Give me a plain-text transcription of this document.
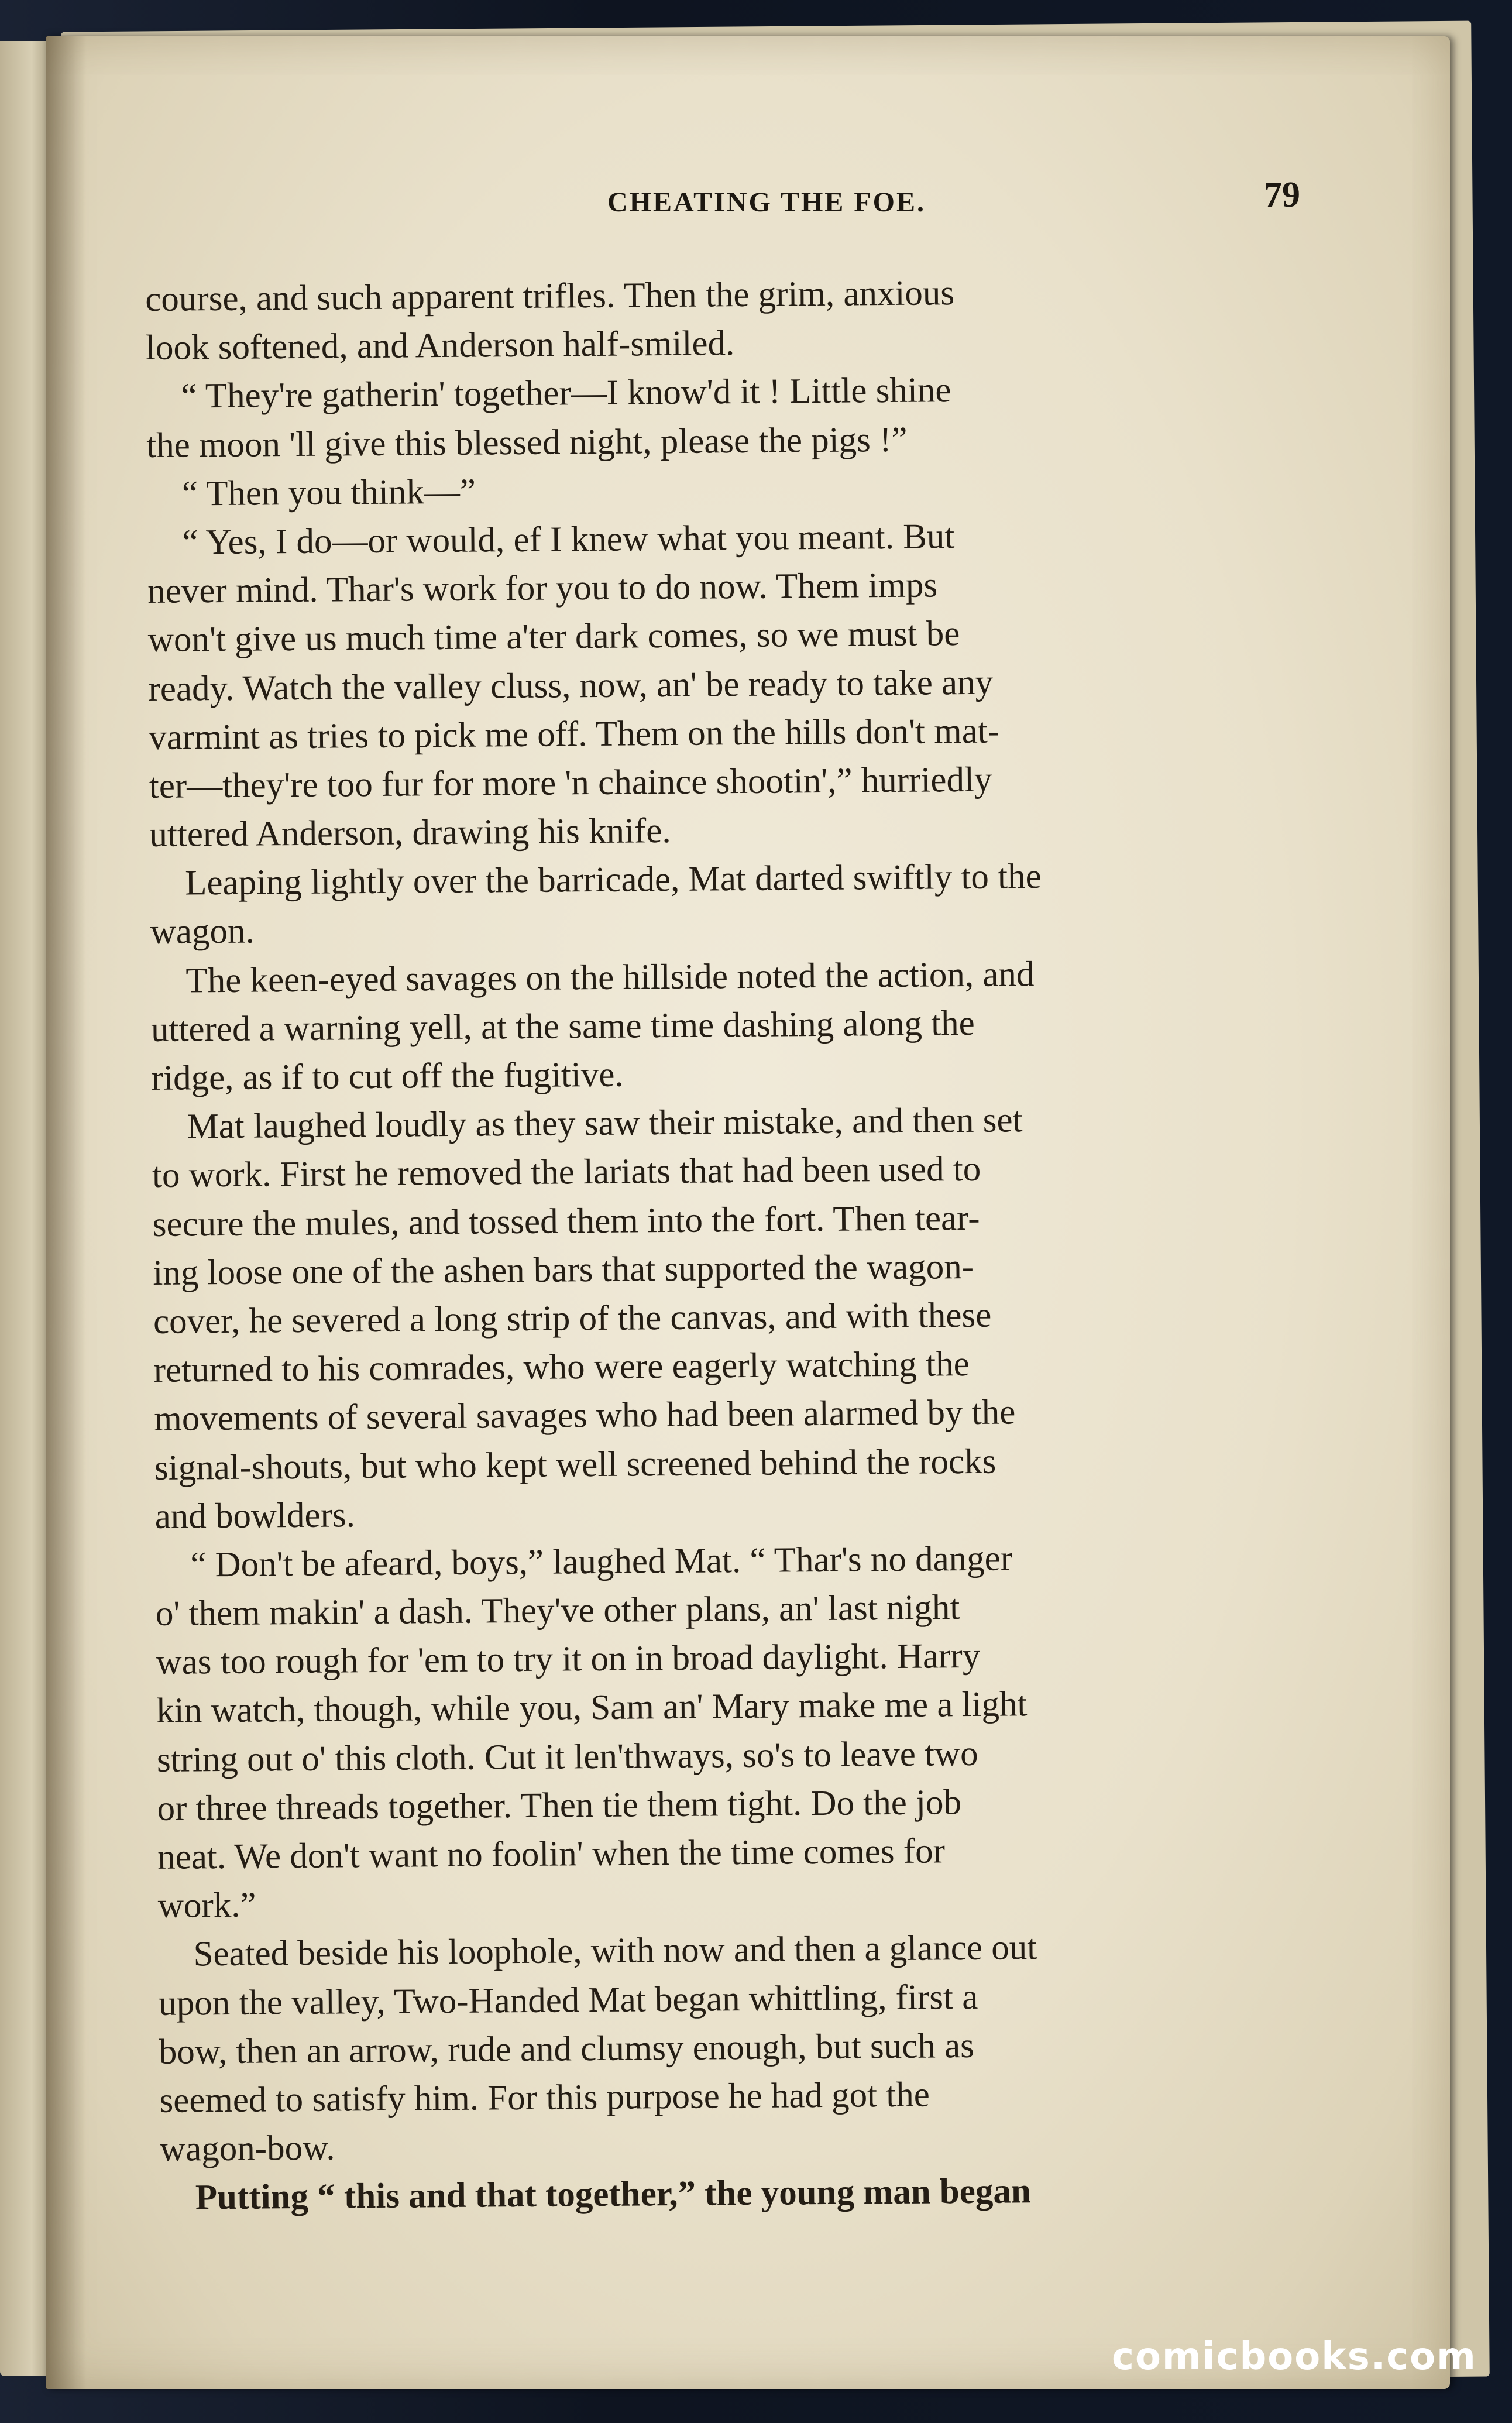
CHEATING THE FOE.	79
course, and such apparent trifles. Then the grim, anxious
look softened, and Anderson half-smiled.
“ They're gatherin' together—I know'd it ! Little shine
the moon 'll give this blessed night, please the pigs !”
“ Then you think—”
“ Yes, I do—or would, ef I knew what you meant. But
never mind. Thar's work for you to do now. Them imps
won't give us much time a'ter dark comes, so we must be
ready. Watch the valley cluss, now, an' be ready to take any
varmint as tries to pick me off. Them on the hills don't mat-
ter—they're too fur for more 'n chaince shootin',” hurriedly
uttered Anderson, drawing his knife.
Leaping lightly over the barricade, Mat darted swiftly to the
wagon.
The keen-eyed savages on the hillside noted the action, and
uttered a warning yell, at the same time dashing along the
ridge, as if to cut off the fugitive.
Mat laughed loudly as they saw their mistake, and then set
to work. First he removed the lariats that had been used to
secure the mules, and tossed them into the fort. Then tear-
ing loose one of the ashen bars that supported the wagon-
cover, he severed a long strip of the canvas, and with these
returned to his comrades, who were eagerly watching the
movements of several savages who had been alarmed by the
signal-shouts, but who kept well screened behind the rocks
and bowlders.
“ Don't be afeard, boys,” laughed Mat. “ Thar's no danger
o' them makin' a dash. They've other plans, an' last night
was too rough for 'em to try it on in broad daylight. Harry
kin watch, though, while you, Sam an' Mary make me a light
string out o' this cloth. Cut it len'thways, so's to leave two
or three threads together. Then tie them tight. Do the job
neat. We don't want no foolin' when the time comes for
work.”
Seated beside his loophole, with now and then a glance out
upon the valley, Two-Handed Mat began whittling, first a
bow, then an arrow, rude and clumsy enough, but such as
seemed to satisfy him. For this purpose he had got the
wagon-bow.
Putting “ this and that together,” the young man began
comicbooks.com
